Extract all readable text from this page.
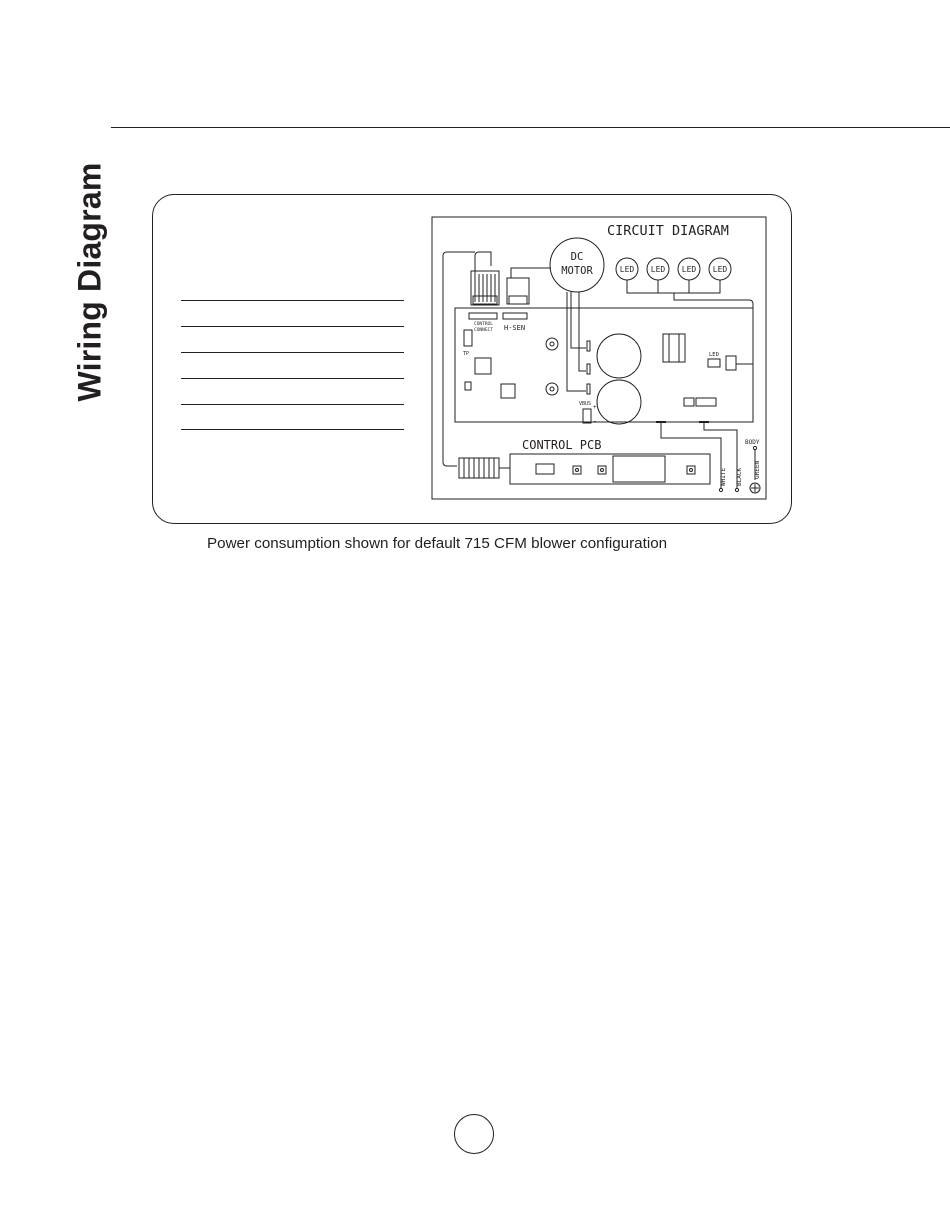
Wiring Diagram	CIRCUIT DIAGRAM
DC
MOTOR	LED LED LED LED
CONTROL
CONNECT H-SEN
TP	LED
VBUS +
-
CONTROL PCB
WHITE BLACK GREEN
BODY
Power consumption shown for default 715 CFM blower configuration
